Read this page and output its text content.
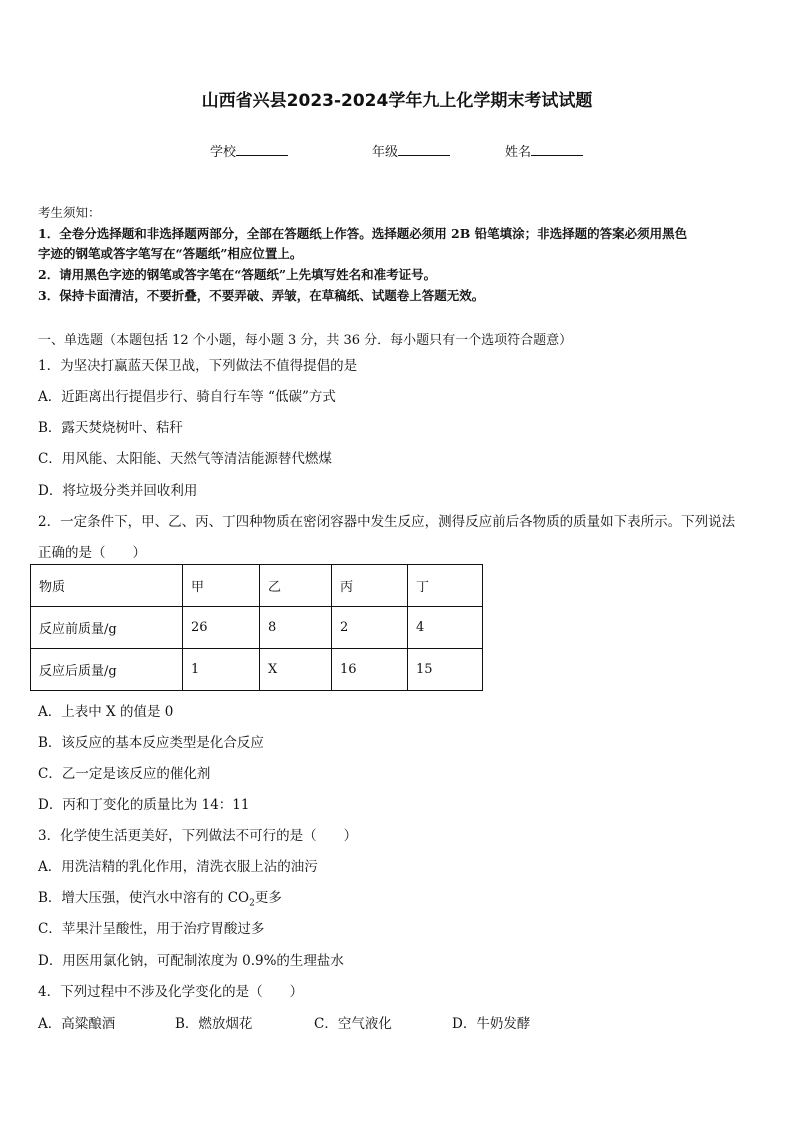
山西省兴县2023-2024学年九上化学期末考试试题
学校	年级	姓名
考生须知：
1．全卷分选择题和非选择题两部分，全部在答题纸上作答。选择题必须用 2B 铅笔填涂；非选择题的答案必须用黑色
字迹的钢笔或答字笔写在“答题纸”相应位置上。
2．请用黑色字迹的钢笔或答字笔在“答题纸”上先填写姓名和准考证号。
3．保持卡面清洁，不要折叠，不要弄破、弄皱，在草稿纸、试题卷上答题无效。
一、单选题（本题包括 12 个小题，每小题 3 分，共 36 分．每小题只有一个选项符合题意）
1．为坚决打赢蓝天保卫战，下列做法不值得提倡的是
A．近距离出行提倡步行、骑自行车等 “低碳”方式
B．露天焚烧树叶、秸秆
C．用风能、太阳能、天然气等清洁能源替代燃煤
D．将垃圾分类并回收利用
2．一定条件下，甲、乙、丙、丁四种物质在密闭容器中发生反应，测得反应前后各物质的质量如下表所示。下列说法
正确的是（　　）
物质	甲	乙	丙	丁
反应前质量/g	26	8	2	4
反应后质量/g	1	X	16	15
A．上表中 X 的值是 0
B．该反应的基本反应类型是化合反应
C．乙一定是该反应的催化剂
D．丙和丁变化的质量比为 14：11
3．化学使生活更美好，下列做法不可行的是（　　）
A．用洗洁精的乳化作用，清洗衣服上沾的油污
B．增大压强，使汽水中溶有的 $CO_2$更多
C．苹果汁呈酸性，用于治疗胃酸过多
D．用医用氯化钠，可配制浓度为 0.9%的生理盐水
4．下列过程中不涉及化学变化的是（　　）
A．高粱酿酒	B．燃放烟花	C．空气液化	D．牛奶发酵
